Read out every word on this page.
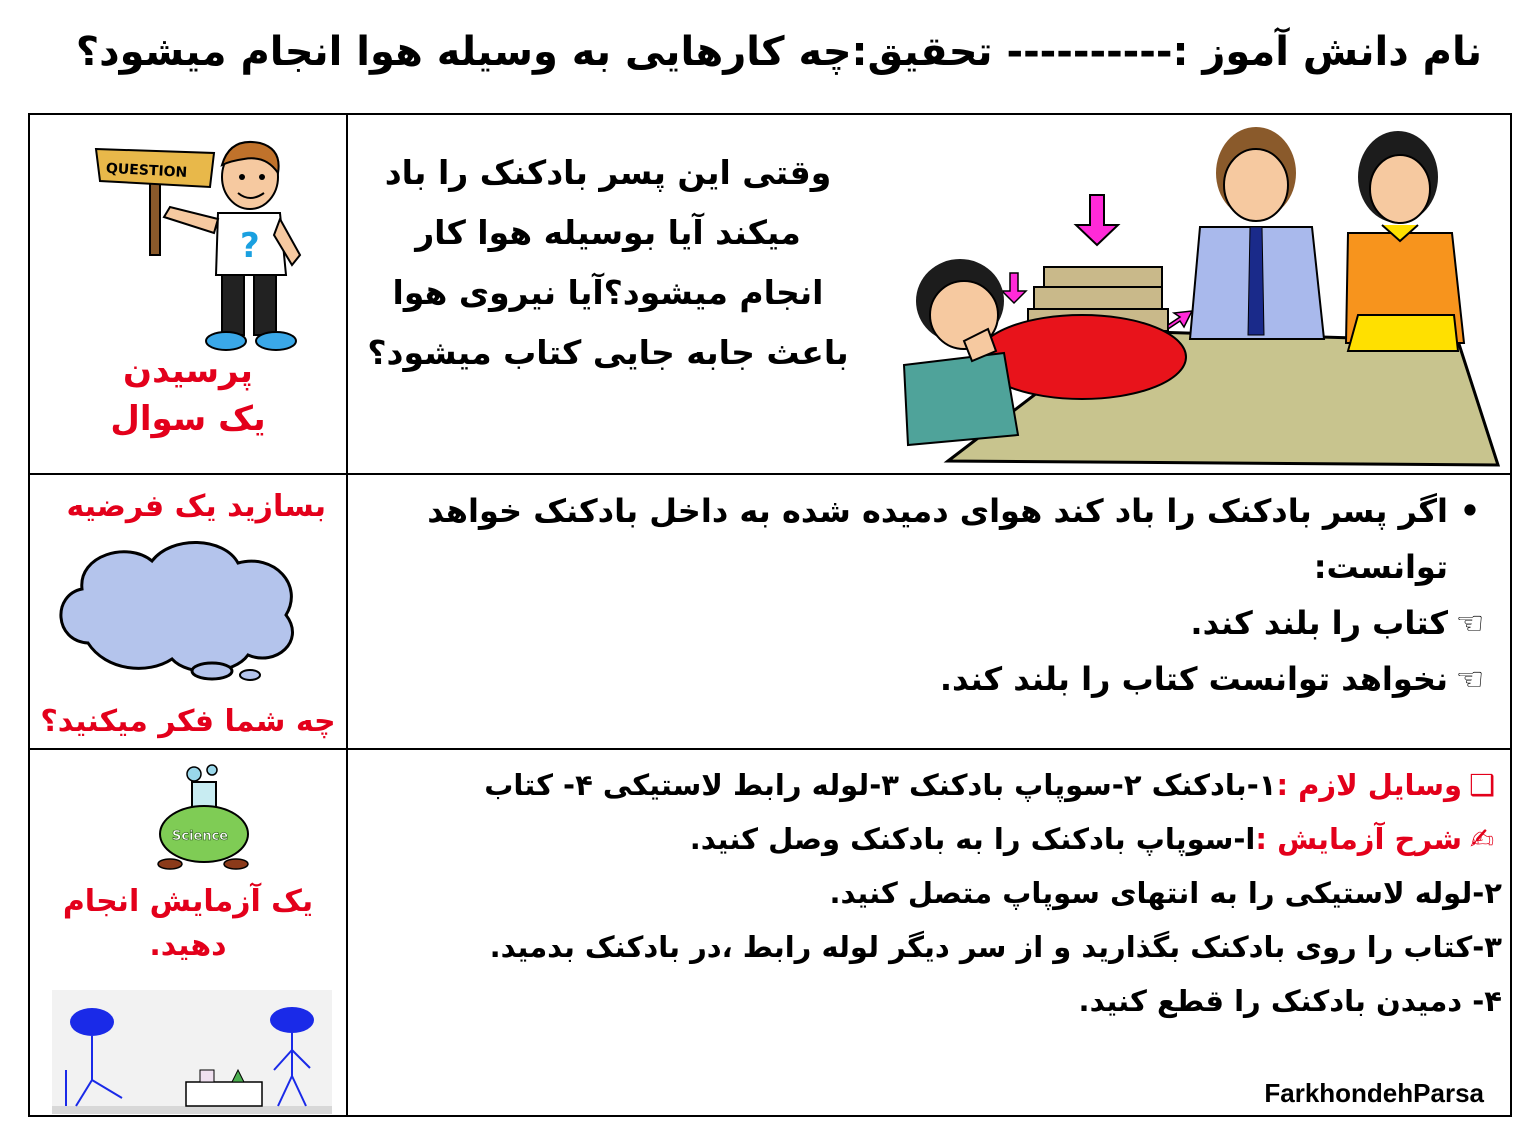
نام دانش آموز :---------- تحقیق:چه کارهایی به وسیله هوا انجام میشود؟
QUESTION
?
پرسیدن
یک سوال
وقتی این پسر بادکنک را باد
میکند آیا بوسیله هوا کار
انجام میشود؟آیا نیروی هوا
باعث جابه جایی کتاب میشود؟
بسازید یک فرضیه
چه شما فکر میکنید؟
•اگر پسر بادکنک را باد کند هوای دمیده شده به داخل بادکنک خواهد
توانست:
☜کتاب را بلند کند.
☜نخواهد توانست کتاب را بلند کند.
Science
یک آزمایش انجام
دهید.
❑وسایل لازم :۱-بادکنک ۲-سوپاپ بادکنک ۳-لوله رابط لاستیکی ۴- کتاب
✍شرح آزمایش :ا-سوپاپ بادکنک را به بادکنک وصل کنید.
۲-لوله لاستیکی را به انتهای سوپاپ متصل کنید.
۳-کتاب را روی بادکنک بگذارید و از سر دیگر لوله رابط ،در بادکنک بدمید.
۴- دمیدن بادکنک را قطع کنید.
FarkhondehParsa
